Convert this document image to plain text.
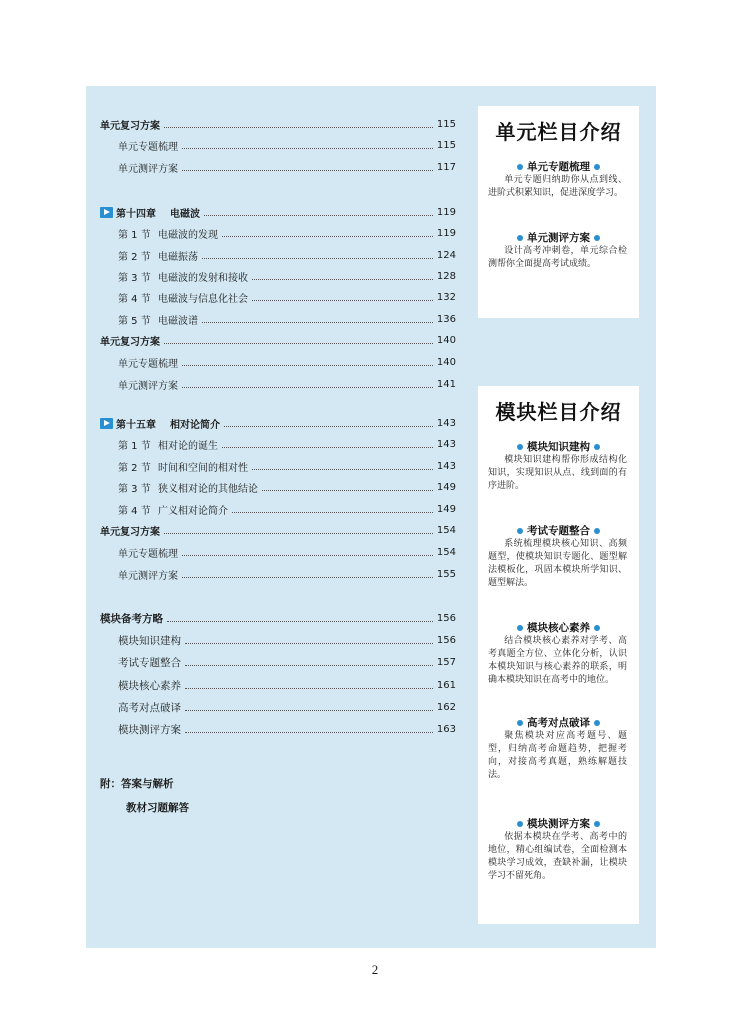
单元复习方案	115
单元专题梳理	115
单元测评方案	117
第十四章 电磁波	119
第 1 节 电磁波的发现	119
第 2 节 电磁振荡	124
第 3 节 电磁波的发射和接收	128
第 4 节 电磁波与信息化社会	132
第 5 节 电磁波谱	136
单元复习方案	140
单元专题梳理	140
单元测评方案	141
第十五章 相对论简介	143
第 1 节 相对论的诞生	143
第 2 节 时间和空间的相对性	143
第 3 节 狭义相对论的其他结论	149
第 4 节 广义相对论简介	149
单元复习方案	154
单元专题梳理	154
单元测评方案	155
模块备考方略	156
模块知识建构	156
考试专题整合	157
模块核心素养	161
高考对点破译	162
模块测评方案	163
附：答案与解析
教材习题解答
单元栏目介绍
单元专题梳理

单元专题归纳助你从点到线、进阶式积累知识，促进深度学习。

单元测评方案

设计高考冲刺卷，单元综合检测帮你全面提高考试成绩。

模块栏目介绍
模块知识建构

模块知识建构帮你形成结构化知识，实现知识从点、线到面的有序进阶。

考试专题整合

系统梳理模块核心知识、高频题型，使模块知识专题化、题型解法模板化，巩固本模块所学知识、题型解法。

模块核心素养

结合模块核心素养对学考、高考真题全方位、立体化分析，认识本模块知识与核心素养的联系，明确本模块知识在高考中的地位。

高考对点破译

聚焦模块对应高考题号、题型，归纳高考命题趋势，把握考向，对接高考真题，熟练解题技法。

模块测评方案

依据本模块在学考、高考中的地位，精心组编试卷，全面检测本模块学习成效，查缺补漏，让模块学习不留死角。

2
